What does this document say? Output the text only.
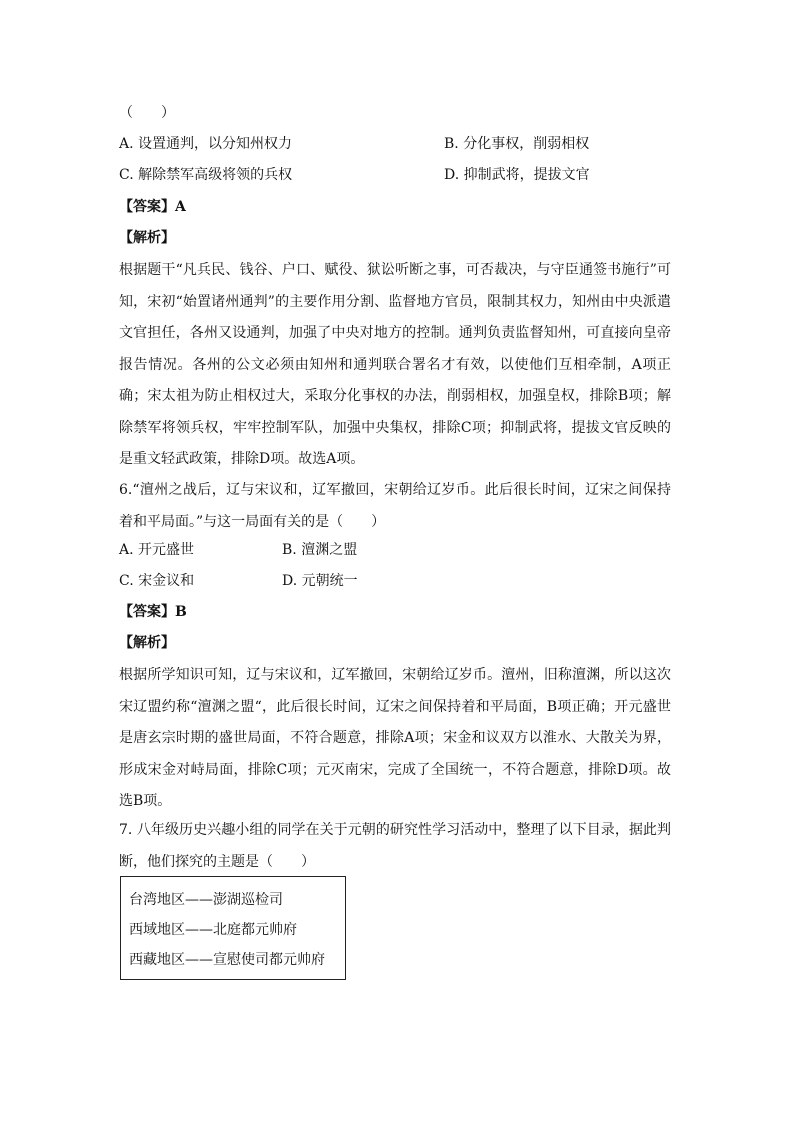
（　　）
A. 设置通判，以分知州权力	B. 分化事权，削弱相权
C. 解除禁军高级将领的兵权	D. 抑制武将，提拔文官
【答案】A
【解析】
根据题干“凡兵民、钱谷、户口、赋役、狱讼听断之事，可否裁决，与守臣通签书施行”可知，宋初“始置诸州通判”的主要作用分割、监督地方官员，限制其权力，知州由中央派遣文官担任，各州又设通判，加强了中央对地方的控制。通判负责监督知州，可直接向皇帝报告情况。各州的公文必须由知州和通判联合署名才有效，以使他们互相牵制，A项正确；宋太祖为防止相权过大，采取分化事权的办法，削弱相权，加强皇权，排除B项；解除禁军将领兵权，牢牢控制军队，加强中央集权，排除C项；抑制武将，提拔文官反映的是重文轻武政策，排除D项。故选A项。
6.“澶州之战后，辽与宋议和，辽军撤回，宋朝给辽岁币。此后很长时间，辽宋之间保持着和平局面。”与这一局面有关的是（　　）
A. 开元盛世	B. 澶渊之盟
C. 宋金议和	D. 元朝统一
【答案】B
【解析】
根据所学知识可知，辽与宋议和，辽军撤回，宋朝给辽岁币。澶州，旧称澶渊，所以这次宋辽盟约称“澶渊之盟“，此后很长时间，辽宋之间保持着和平局面，B项正确；开元盛世是唐玄宗时期的盛世局面，不符合题意，排除A项；宋金和议双方以淮水、大散关为界，形成宋金对峙局面，排除C项；元灭南宋，完成了全国统一，不符合题意，排除D项。故选B项。
7. 八年级历史兴趣小组的同学在关于元朝的研究性学习活动中，整理了以下目录，据此判断，他们探究的主题是（　　）
台湾地区——澎湖巡检司
西域地区——北庭都元帅府
西藏地区——宣慰使司都元帅府
